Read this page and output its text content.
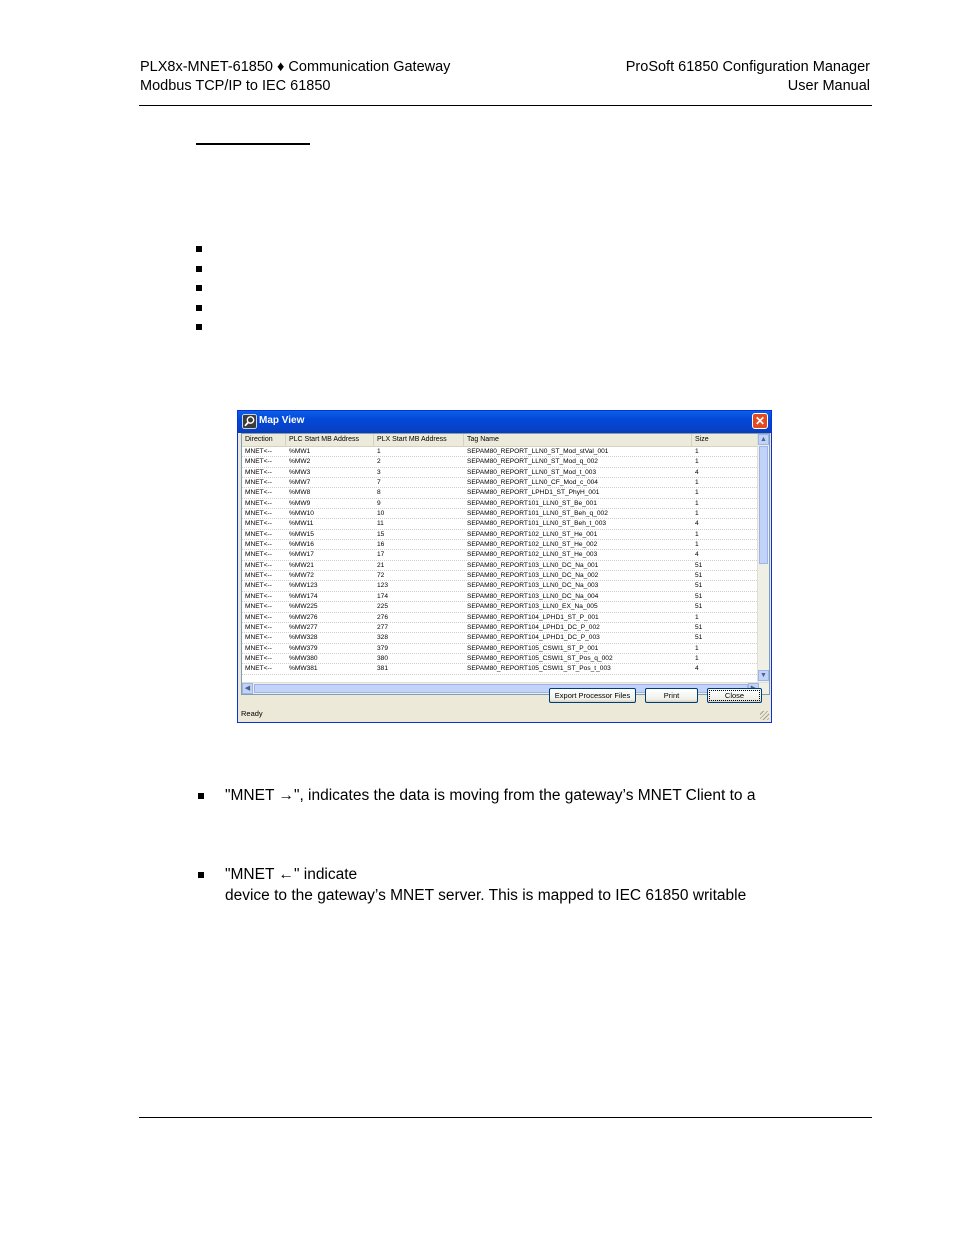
PLX8x-MNET-61850 ♦ Communication Gateway
Modbus TCP/IP to IEC 61850
ProSoft 61850 Configuration Manager
User Manual
Map View	✕
Direction	PLC Start MB Address	PLX Start MB Address	Tag Name	Size
MNET<--	%MW1	1	SEPAM80_REPORT_LLN0_ST_Mod_stVal_001	1
MNET<--	%MW2	2	SEPAM80_REPORT_LLN0_ST_Mod_q_002	1
MNET<--	%MW3	3	SEPAM80_REPORT_LLN0_ST_Mod_t_003	4
MNET<--	%MW7	7	SEPAM80_REPORT_LLN0_CF_Mod_c_004	1
MNET<--	%MW8	8	SEPAM80_REPORT_LPHD1_ST_PhyH_001	1
MNET<--	%MW9	9	SEPAM80_REPORT101_LLN0_ST_Be_001	1
MNET<--	%MW10	10	SEPAM80_REPORT101_LLN0_ST_Beh_q_002	1
MNET<--	%MW11	11	SEPAM80_REPORT101_LLN0_ST_Beh_t_003	4
MNET<--	%MW15	15	SEPAM80_REPORT102_LLN0_ST_He_001	1
MNET<--	%MW16	16	SEPAM80_REPORT102_LLN0_ST_He_002	1
MNET<--	%MW17	17	SEPAM80_REPORT102_LLN0_ST_He_003	4
MNET<--	%MW21	21	SEPAM80_REPORT103_LLN0_DC_Na_001	51
MNET<--	%MW72	72	SEPAM80_REPORT103_LLN0_DC_Na_002	51
MNET<--	%MW123	123	SEPAM80_REPORT103_LLN0_DC_Na_003	51
MNET<--	%MW174	174	SEPAM80_REPORT103_LLN0_DC_Na_004	51
MNET<--	%MW225	225	SEPAM80_REPORT103_LLN0_EX_Na_005	51
MNET<--	%MW276	276	SEPAM80_REPORT104_LPHD1_ST_P_001	1
MNET<--	%MW277	277	SEPAM80_REPORT104_LPHD1_DC_P_002	51
MNET<--	%MW328	328	SEPAM80_REPORT104_LPHD1_DC_P_003	51
MNET<--	%MW379	379	SEPAM80_REPORT105_CSWI1_ST_P_001	1
MNET<--	%MW380	380	SEPAM80_REPORT105_CSWI1_ST_Pos_q_002	1
MNET<--	%MW381	381	SEPAM80_REPORT105_CSWI1_ST_Pos_t_003	4
▲
▼
◀
Export Processor Files	Print	Close
Ready
"MNET →", indicates the data is moving from the gateway’s MNET Client to a
"MNET ←" indicate
device to the gateway’s MNET server. This is mapped to IEC 61850 writable
